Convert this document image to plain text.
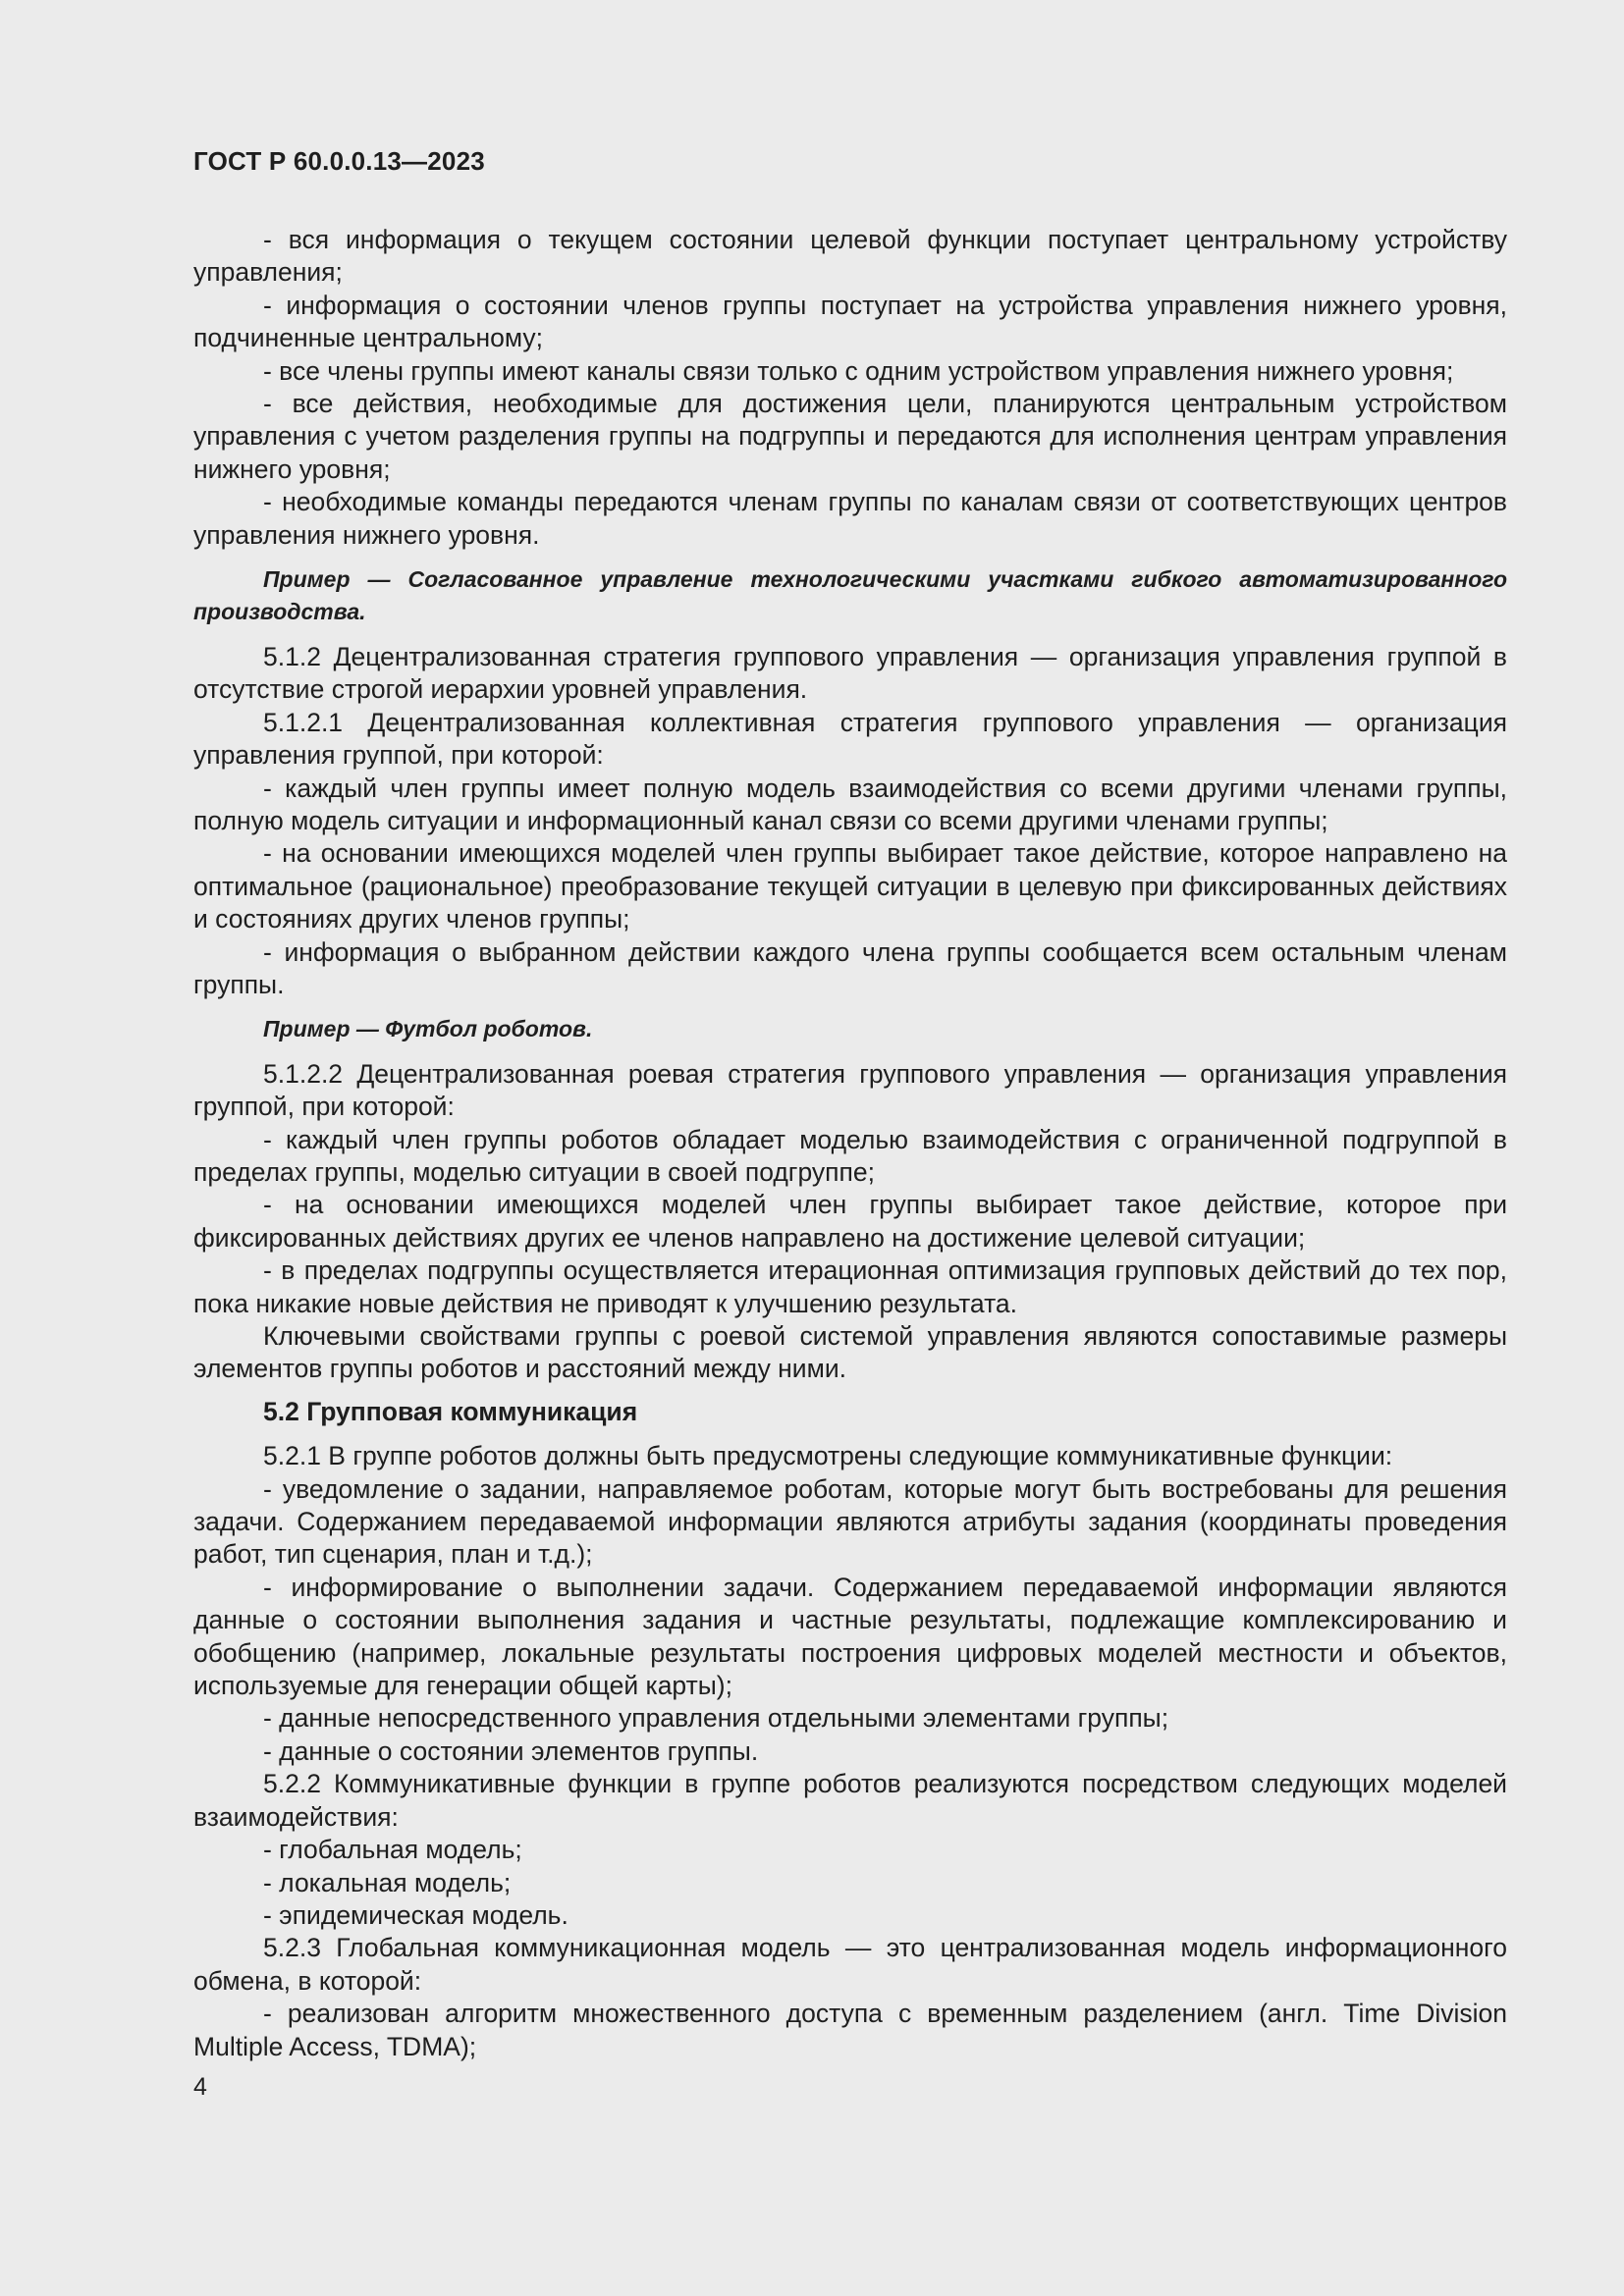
ГОСТ Р 60.0.0.13—2023

- вся информация о текущем состоянии целевой функции поступает центральному устройству управления;

- информация о состоянии членов группы поступает на устройства управления нижнего уровня, подчиненные центральному;

- все члены группы имеют каналы связи только с одним устройством управления нижнего уровня;

- все действия, необходимые для достижения цели, планируются центральным устройством управления с учетом разделения группы на подгруппы и передаются для исполнения центрам управления нижнего уровня;

- необходимые команды передаются членам группы по каналам связи от соответствующих центров управления нижнего уровня.

Пример — Согласованное управление технологическими участками гибкого автоматизированного производства.

5.1.2 Децентрализованная стратегия группового управления — организация управления группой в отсутствие строгой иерархии уровней управления.

5.1.2.1 Децентрализованная коллективная стратегия группового управления — организация управления группой, при которой:

- каждый член группы имеет полную модель взаимодействия со всеми другими членами группы, полную модель ситуации и информационный канал связи со всеми другими членами группы;

- на основании имеющихся моделей член группы выбирает такое действие, которое направлено на оптимальное (рациональное) преобразование текущей ситуации в целевую при фиксированных действиях и состояниях других членов группы;

- информация о выбранном действии каждого члена группы сообщается всем остальным членам группы.

Пример — Футбол роботов.

5.1.2.2 Децентрализованная роевая стратегия группового управления — организация управления группой, при которой:

- каждый член группы роботов обладает моделью взаимодействия с ограниченной подгруппой в пределах группы, моделью ситуации в своей подгруппе;

- на основании имеющихся моделей член группы выбирает такое действие, которое при фиксированных действиях других ее членов направлено на достижение целевой ситуации;

- в пределах подгруппы осуществляется итерационная оптимизация групповых действий до тех пор, пока никакие новые действия не приводят к улучшению результата.

Ключевыми свойствами группы с роевой системой управления являются сопоставимые размеры элементов группы роботов и расстояний между ними.

5.2 Групповая коммуникация

5.2.1 В группе роботов должны быть предусмотрены следующие коммуникативные функции:

- уведомление о задании, направляемое роботам, которые могут быть востребованы для решения задачи. Содержанием передаваемой информации являются атрибуты задания (координаты проведения работ, тип сценария, план и т.д.);

- информирование о выполнении задачи. Содержанием передаваемой информации являются данные о состоянии выполнения задания и частные результаты, подлежащие комплексированию и обобщению (например, локальные результаты построения цифровых моделей местности и объектов, используемые для генерации общей карты);

- данные непосредственного управления отдельными элементами группы;

- данные о состоянии элементов группы.

5.2.2 Коммуникативные функции в группе роботов реализуются посредством следующих моделей взаимодействия:

- глобальная модель;

- локальная модель;

- эпидемическая модель.

5.2.3 Глобальная коммуникационная модель — это централизованная модель информационного обмена, в которой:

- реализован алгоритм множественного доступа с временным разделением (англ. Time Division Multiple Access, TDMA);

4
